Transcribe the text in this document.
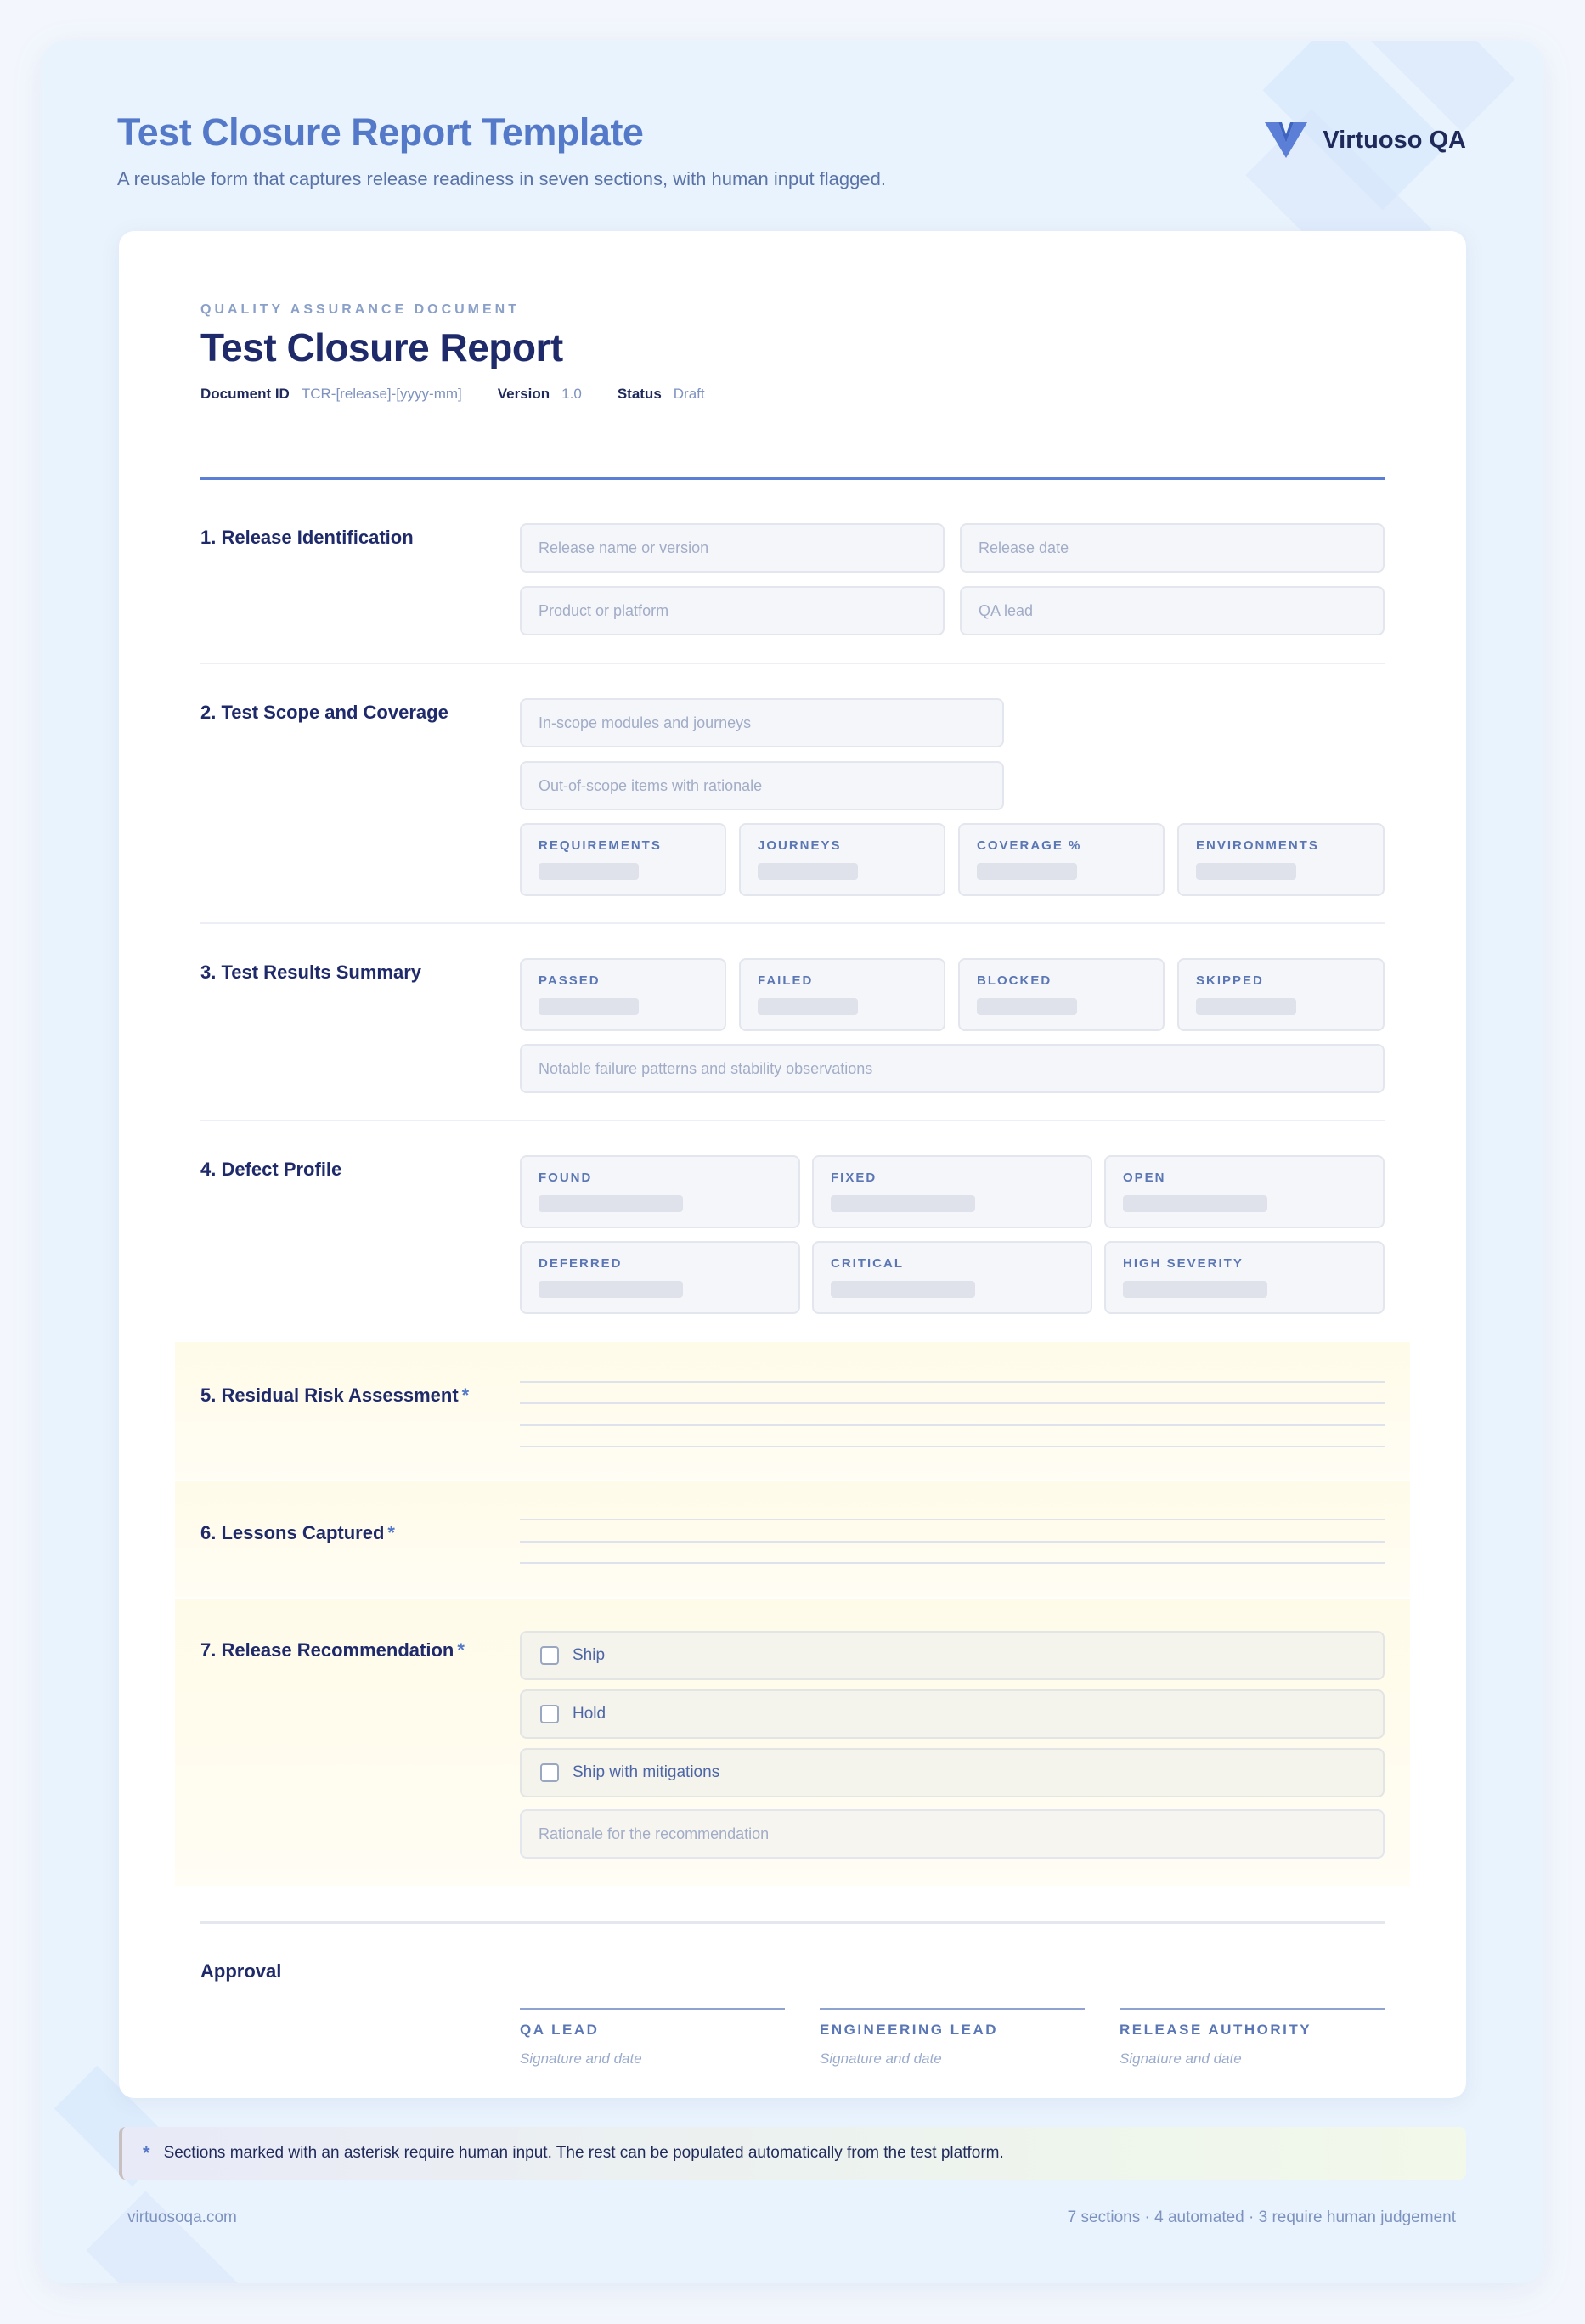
Test Closure Report Template
A reusable form that captures release readiness in seven sections, with human input flagged.
Virtuoso QA
QUALITY ASSURANCE DOCUMENT
Test Closure Report
Document ID TCR-[release]-[yyyy-mm] Version 1.0 Status Draft
1. Release Identification	Release name or version	Release date
Product or platform	QA lead
2. Test Scope and Coverage	In-scope modules and journeys
Out-of-scope items with rationale
REQUIREMENTS	JOURNEYS	COVERAGE %	ENVIRONMENTS
3. Test Results Summary	PASSED	FAILED	BLOCKED	SKIPPED
Notable failure patterns and stability observations
4. Defect Profile	FOUND	FIXED	OPEN
DEFERRED	CRITICAL	HIGH SEVERITY
5. Residual Risk Assessment *
6. Lessons Captured *
7. Release Recommendation *	Ship
Hold
Ship with mitigations
Rationale for the recommendation
Approval
QA LEAD
Signature and date
ENGINEERING LEAD
Signature and date
RELEASE AUTHORITY
Signature and date
* Sections marked with an asterisk require human input. The rest can be populated automatically from the test platform.
virtuosoqa.com	7 sections · 4 automated · 3 require human judgement
